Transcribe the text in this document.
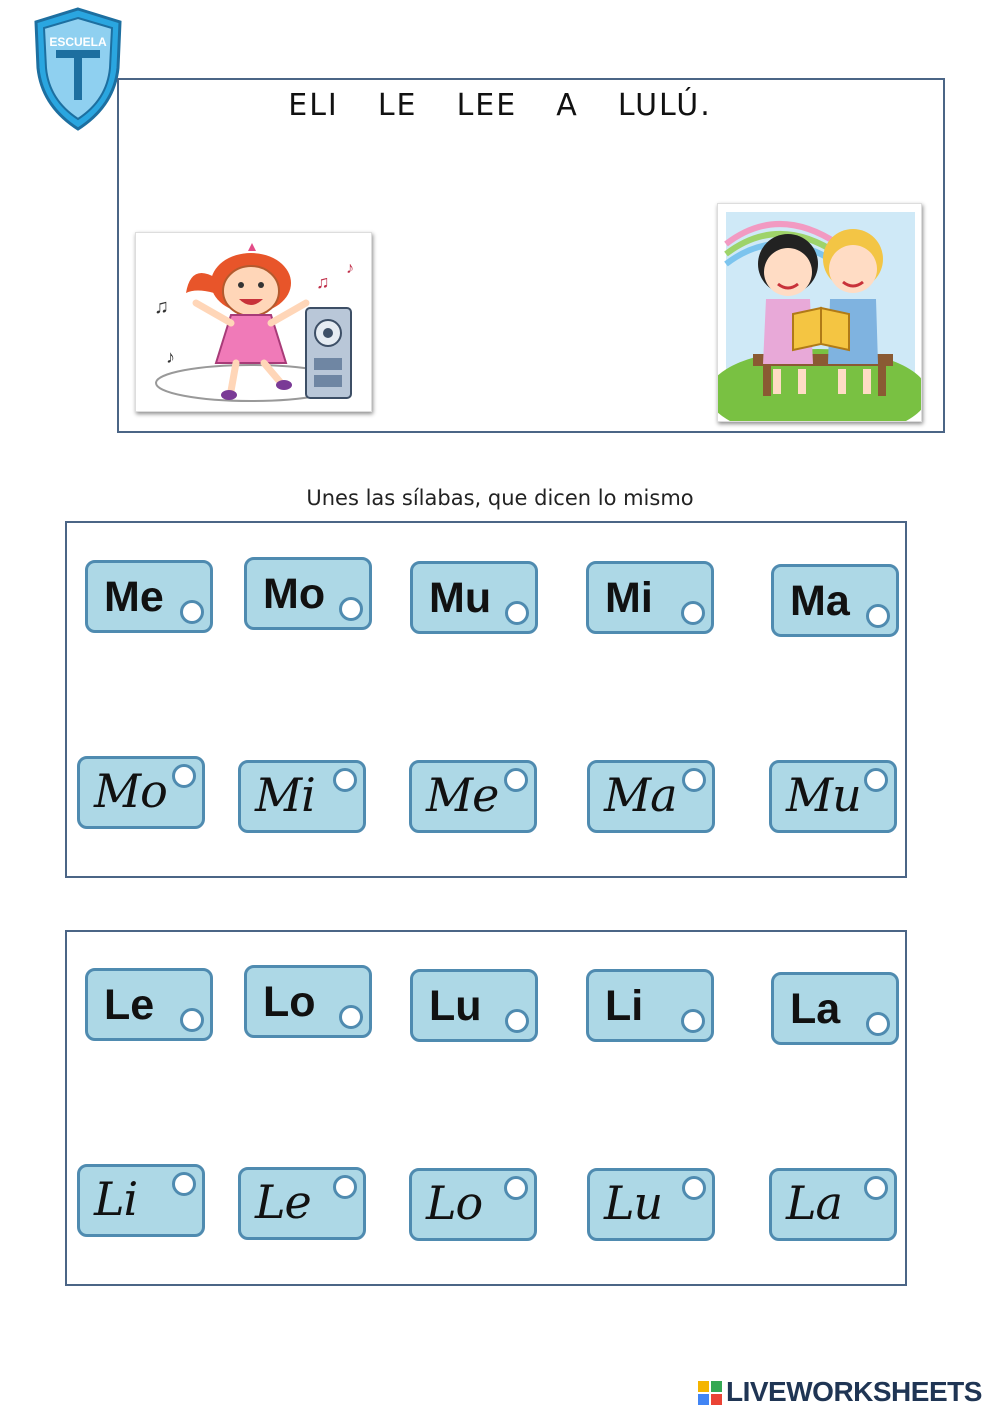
ESCUELA
ELI  LE  LEE  A  LULÚ.
♫
♪
♫
♪
Unes las sílabas, que dicen lo mismo
Me Mo Mu	Mi	Ma
Mo Mi Me Ma Mu
Le	Lo	Lu	Li	La
Li	Le	Lo	Lu	La
LIVEWORKSHEETS
